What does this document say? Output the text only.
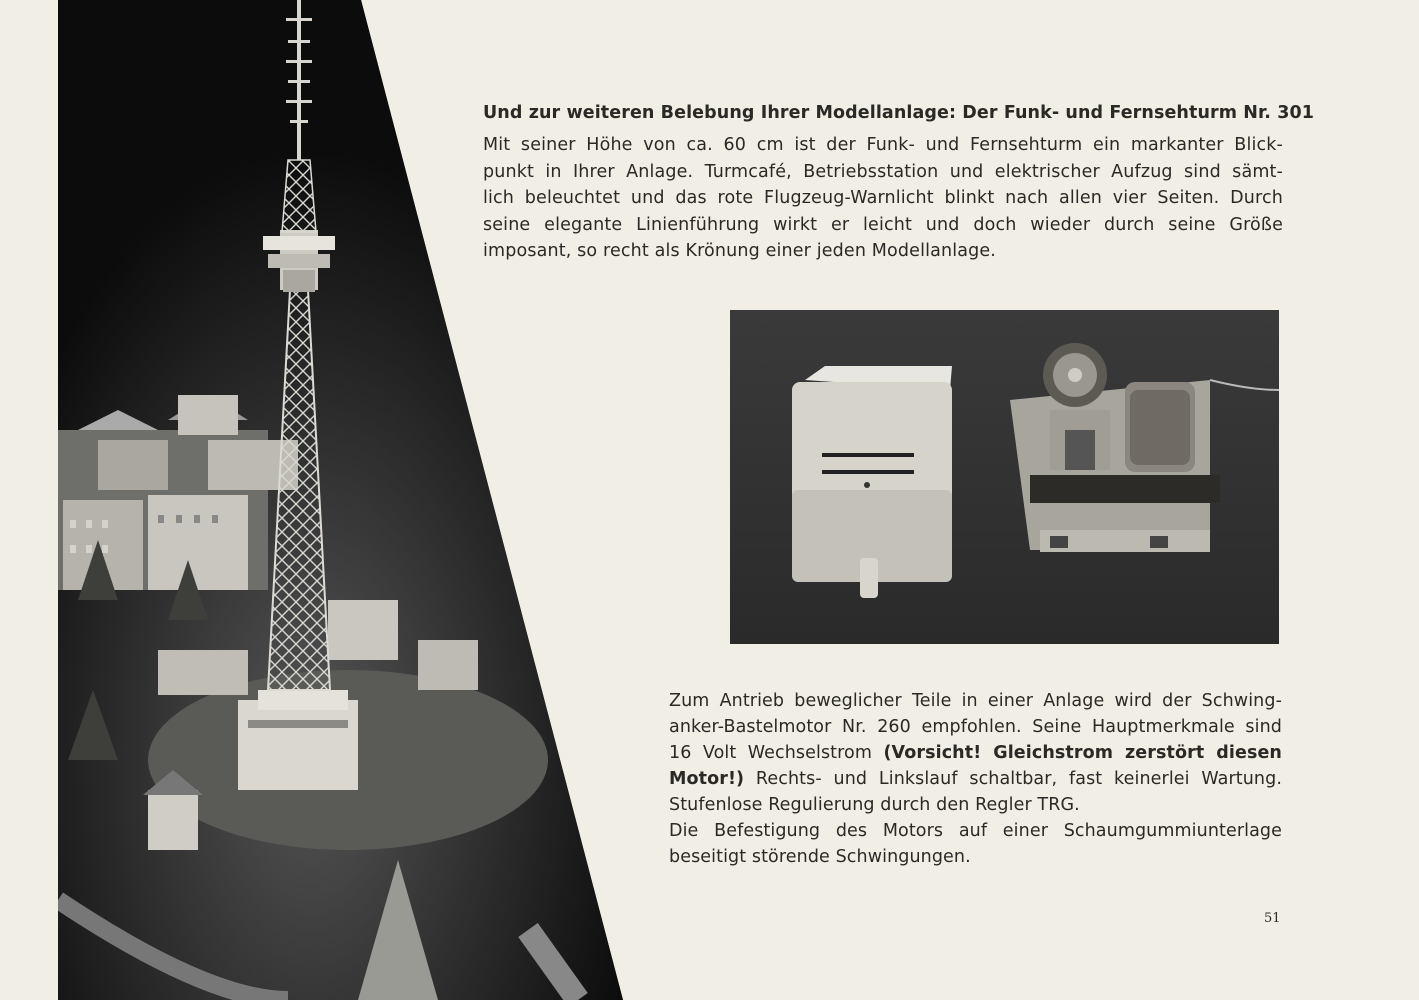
Und zur weiteren Belebung Ihrer Modellanlage: Der Funk- und Fernsehturm Nr. 301
Mit seiner Höhe von ca. 60 cm ist der Funk- und Fernsehturm ein markanter Blick-
punkt in Ihrer Anlage. Turmcafé, Betriebsstation und elektrischer Aufzug sind sämt-
lich beleuchtet und das rote Flugzeug-Warnlicht blinkt nach allen vier Seiten. Durch
seine elegante Linienführung wirkt er leicht und doch wieder durch seine Größe
imposant, so recht als Krönung einer jeden Modellanlage.
Zum Antrieb beweglicher Teile in einer Anlage wird der Schwing-
anker-Bastelmotor Nr. 260 empfohlen. Seine Hauptmerkmale sind
16 Volt Wechselstrom (Vorsicht! Gleichstrom zerstört diesen
Motor!) Rechts- und Linkslauf schaltbar, fast keinerlei Wartung.
Stufenlose Regulierung durch den Regler TRG.
Die Befestigung des Motors auf einer Schaumgummiunterlage
beseitigt störende Schwingungen.
51
